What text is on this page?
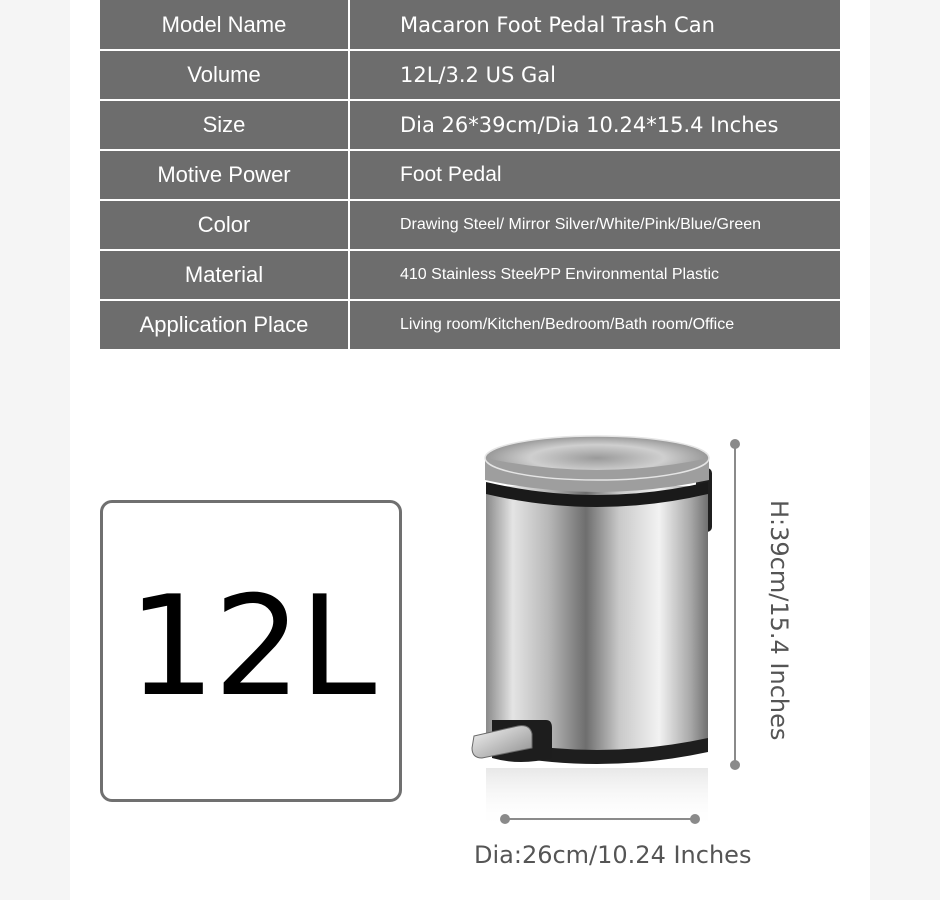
Model Name	Macaron Foot Pedal Trash Can
Volume	12L/3.2 US Gal
Size	Dia 26*39cm/Dia 10.24*15.4 Inches
Motive Power	Foot Pedal
Color	Drawing Steel/ Mirror Silver/White/Pink/Blue/Green
Material	410 Stainless Steel∕PP Environmental Plastic
Application Place	Living room/Kitchen/Bedroom/Bath room/Office
12L	H:39cm/15.4 Inches
Dia:26cm/10.24 Inches
